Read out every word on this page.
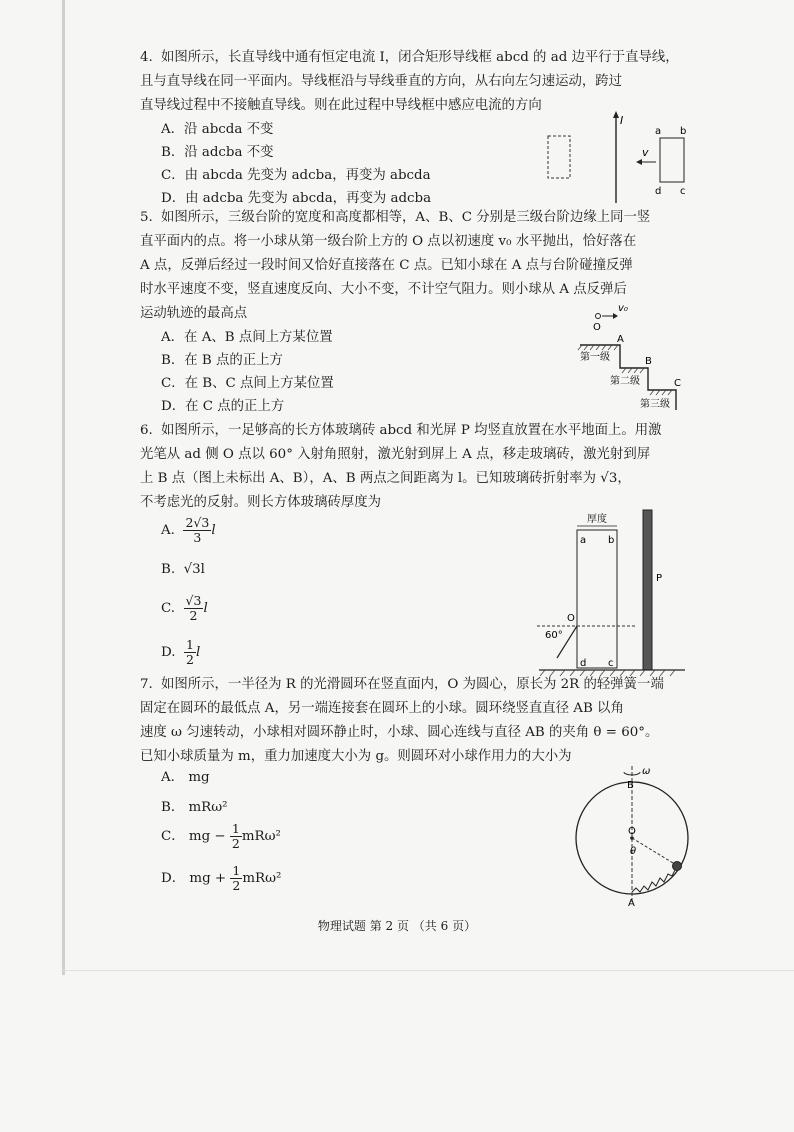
4. 如图所示，长直导线中通有恒定电流 I，闭合矩形导线框 abcd 的 ad 边平行于直导线，
且与直导线在同一平面内。导线框沿与导线垂直的方向，从右向左匀速运动，跨过
直导线过程中不接触直导线。则在此过程中导线框中感应电流的方向
A．沿 abcda 不变
B．沿 adcba 不变
C．由 abcda 先变为 adcba，再变为 abcda
D．由 adcba 先变为 abcda，再变为 adcba
I
a b
d c
v
5. 如图所示，三级台阶的宽度和高度都相等，A、B、C 分别是三级台阶边缘上同一竖
直平面内的点。将一小球从第一级台阶上方的 O 点以初速度 v₀ 水平抛出，恰好落在
A 点，反弹后经过一段时间又恰好直接落在 C 点。已知小球在 A 点与台阶碰撞反弹
时水平速度不变，竖直速度反向、大小不变，不计空气阻力。则小球从 A 点反弹后
运动轨迹的最高点
A．在 A、B 点间上方某位置
B．在 B 点的正上方
C．在 B、C 点间上方某位置
D．在 C 点的正上方
v₀
O
A
B
C
第一级
第二级
第三级
6. 如图所示，一足够高的长方体玻璃砖 abcd 和光屏 P 均竖直放置在水平地面上。用激
光笔从 ad 侧 O 点以 60° 入射角照射，激光射到屏上 A 点，移走玻璃砖，激光射到屏
上 B 点（图上未标出 A、B），A、B 两点之间距离为 l。已知玻璃砖折射率为 √3，
不考虑光的反射。则长方体玻璃砖厚度为
A. $\frac{2√3}{3}$ l
B. √3l
C. $\frac{√3}{2}$ l
D. $\frac{1}{2}$ l
厚度
a b
d c
P
O
60°
7. 如图所示，一半径为 R 的光滑圆环在竖直面内，O 为圆心，原长为 2R 的轻弹簧一端
固定在圆环的最低点 A，另一端连接套在圆环上的小球。圆环绕竖直直径 AB 以角
速度 ω 匀速转动，小球相对圆环静止时，小球、圆心连线与直径 AB 的夹角 θ = 60°。
已知小球质量为 m，重力加速度大小为 g。则圆环对小球作用力的大小为
A． mg
B． mRω²
C． mg − $\frac{1}{2} mR\omega^2$
D． mg + $\frac{1}{2} mR\omega^2$
ω
B
O
θ
A
物理试题 第 2 页 （共 6 页）
